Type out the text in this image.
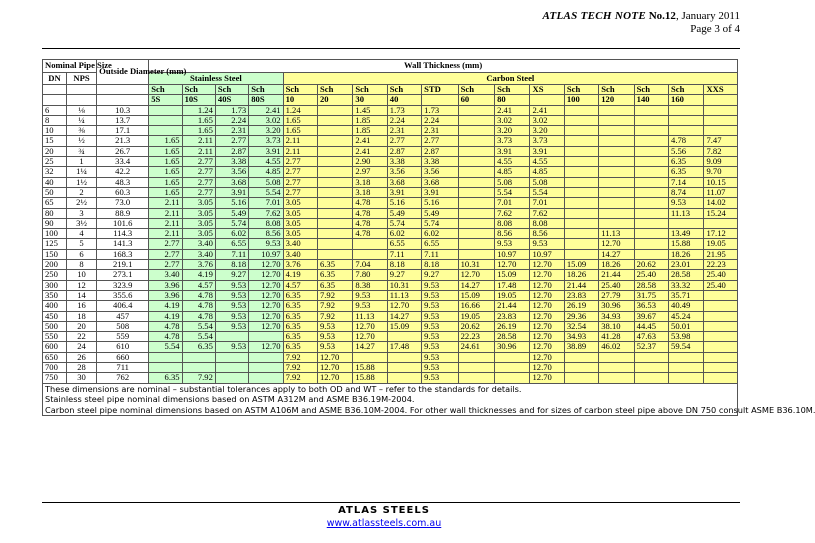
ATLAS TECH NOTE No.12, January 2011
Page 3 of 4
Nominal Pipe Size		Outside Diameter (mm)	Wall Thickness (mm)																
DN	NPS		Stainless Steel				Carbon Steel												
			Sch	Sch	Sch	Sch	Sch	Sch	Sch	Sch	STD	Sch	Sch	XS	Sch	Sch	Sch	Sch	XXS
			5S	10S	40S	80S	10	20	30	40		60	80		100	120	140	160	
6	⅛	10.3		1.24	1.73	2.41	1.24		1.45	1.73	1.73		2.41	2.41					
8	¼	13.7		1.65	2.24	3.02	1.65		1.85	2.24	2.24		3.02	3.02					
10	⅜	17.1		1.65	2.31	3.20	1.65		1.85	2.31	2.31		3.20	3.20					
15	½	21.3	1.65	2.11	2.77	3.73	2.11		2.41	2.77	2.77		3.73	3.73				4.78	7.47
20	¾	26.7	1.65	2.11	2.87	3.91	2.11		2.41	2.87	2.87		3.91	3.91				5.56	7.82
25	1	33.4	1.65	2.77	3.38	4.55	2.77		2.90	3.38	3.38		4.55	4.55				6.35	9.09
32	1¼	42.2	1.65	2.77	3.56	4.85	2.77		2.97	3.56	3.56		4.85	4.85				6.35	9.70
40	1½	48.3	1.65	2.77	3.68	5.08	2.77		3.18	3.68	3.68		5.08	5.08				7.14	10.15
50	2	60.3	1.65	2.77	3.91	5.54	2.77		3.18	3.91	3.91		5.54	5.54				8.74	11.07
65	2½	73.0	2.11	3.05	5.16	7.01	3.05		4.78	5.16	5.16		7.01	7.01				9.53	14.02
80	3	88.9	2.11	3.05	5.49	7.62	3.05		4.78	5.49	5.49		7.62	7.62				11.13	15.24
90	3½	101.6	2.11	3.05	5.74	8.08	3.05		4.78	5.74	5.74		8.08	8.08					
100	4	114.3	2.11	3.05	6.02	8.56	3.05		4.78	6.02	6.02		8.56	8.56		11.13		13.49	17.12
125	5	141.3	2.77	3.40	6.55	9.53	3.40			6.55	6.55		9.53	9.53		12.70		15.88	19.05
150	6	168.3	2.77	3.40	7.11	10.97	3.40			7.11	7.11		10.97	10.97		14.27		18.26	21.95
200	8	219.1	2.77	3.76	8.18	12.70	3.76	6.35	7.04	8.18	8.18	10.31	12.70	12.70	15.09	18.26	20.62	23.01	22.23
250	10	273.1	3.40	4.19	9.27	12.70	4.19	6.35	7.80	9.27	9.27	12.70	15.09	12.70	18.26	21.44	25.40	28.58	25.40
300	12	323.9	3.96	4.57	9.53	12.70	4.57	6.35	8.38	10.31	9.53	14.27	17.48	12.70	21.44	25.40	28.58	33.32	25.40
350	14	355.6	3.96	4.78	9.53	12.70	6.35	7.92	9.53	11.13	9.53	15.09	19.05	12.70	23.83	27.79	31.75	35.71	
400	16	406.4	4.19	4.78	9.53	12.70	6.35	7.92	9.53	12.70	9.53	16.66	21.44	12.70	26.19	30.96	36.53	40.49	
450	18	457	4.19	4.78	9.53	12.70	6.35	7.92	11.13	14.27	9.53	19.05	23.83	12.70	29.36	34.93	39.67	45.24	
500	20	508	4.78	5.54	9.53	12.70	6.35	9.53	12.70	15.09	9.53	20.62	26.19	12.70	32.54	38.10	44.45	50.01	
550	22	559	4.78	5.54			6.35	9.53	12.70		9.53	22.23	28.58	12.70	34.93	41.28	47.63	53.98	
600	24	610	5.54	6.35	9.53	12.70	6.35	9.53	14.27	17.48	9.53	24.61	30.96	12.70	38.89	46.02	52.37	59.54	
650	26	660					7.92	12.70			9.53			12.70					
700	28	711					7.92	12.70	15.88		9.53			12.70					
750	30	762	6.35	7.92			7.92	12.70	15.88		9.53			12.70					

These dimensions are nominal – substantial tolerances apply to both OD and WT – refer to the standards for details.
Stainless steel pipe nominal dimensions based on ASTM A312M and ASME B36.19M-2004.
Carbon steel pipe nominal dimensions based on ASTM A106M and ASME B36.10M-2004. For other wall thicknesses and for sizes of carbon steel pipe above DN 750 consult ASME B36.10M.																			
ATLAS STEELS
www.atlassteels.com.au
